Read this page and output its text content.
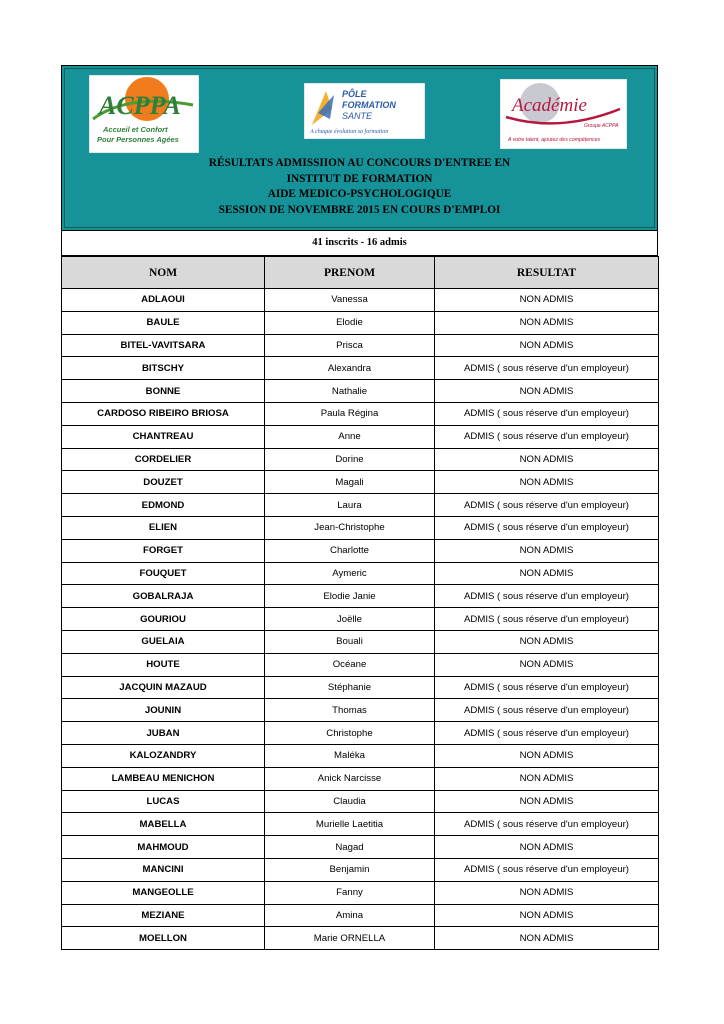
ACPPA
Accueil et Confort
Pour Personnes Agées
PÔLE
FORMATION
SANTE
A chaque évolution sa formation
Académie
Groupe ACPPA
A votre talent, ajoutez des compétences
RÉSULTATS ADMISSIION AU CONCOURS D'ENTREE EN
INSTITUT DE FORMATION
AIDE MEDICO-PSYCHOLOGIQUE
SESSION DE NOVEMBRE 2015 EN COURS D'EMPLOI
41 inscrits - 16 admis
NOM	PRENOM	RESULTAT
ADLAOUI	Vanessa	NON ADMIS
BAULE	Elodie	NON ADMIS
BITEL-VAVITSARA	Prisca	NON ADMIS
BITSCHY	Alexandra	ADMIS ( sous réserve d'un employeur)
BONNE	Nathalie	NON ADMIS
CARDOSO RIBEIRO BRIOSA	Paula Régina	ADMIS ( sous réserve d'un employeur)
CHANTREAU	Anne	ADMIS ( sous réserve d'un employeur)
CORDELIER	Dorine	NON ADMIS
DOUZET	Magali	NON ADMIS
EDMOND	Laura	ADMIS ( sous réserve d'un employeur)
ELIEN	Jean-Christophe	ADMIS ( sous réserve d'un employeur)
FORGET	Charlotte	NON ADMIS
FOUQUET	Aymeric	NON ADMIS
GOBALRAJA	Elodie Janie	ADMIS ( sous réserve d'un employeur)
GOURIOU	Joëlle	ADMIS ( sous réserve d'un employeur)
GUELAIA	Bouali	NON ADMIS
HOUTE	Océane	NON ADMIS
JACQUIN MAZAUD	Stéphanie	ADMIS ( sous réserve d'un employeur)
JOUNIN	Thomas	ADMIS ( sous réserve d'un employeur)
JUBAN	Christophe	ADMIS ( sous réserve d'un employeur)
KALOZANDRY	Maléka	NON ADMIS
LAMBEAU MENICHON	Anick Narcisse	NON ADMIS
LUCAS	Claudia	NON ADMIS
MABELLA	Murielle Laetitia	ADMIS ( sous réserve d'un employeur)
MAHMOUD	Nagad	NON ADMIS
MANCINI	Benjamin	ADMIS ( sous réserve d'un employeur)
MANGEOLLE	Fanny	NON ADMIS
MEZIANE	Amina	NON ADMIS
MOELLON	Marie ORNELLA	NON ADMIS
